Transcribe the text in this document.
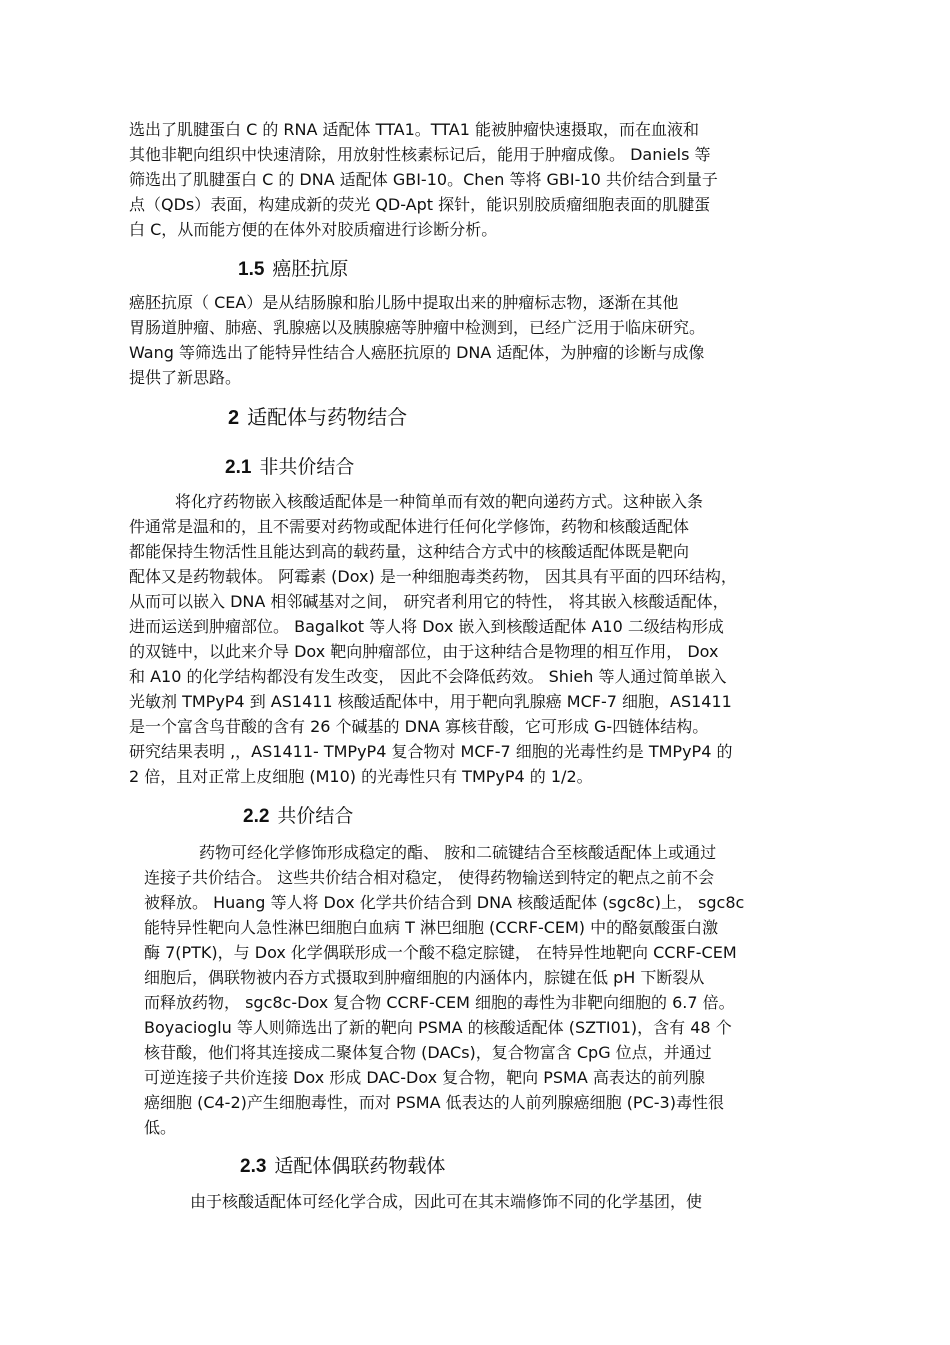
选出了肌腱蛋白 C 的 RNA 适配体 TTA1。TTA1 能被肿瘤快速摄取，而在血液和
其他非靶向组织中快速清除，用放射性核素标记后，能用于肿瘤成像。 Daniels 等
筛选出了肌腱蛋白 C 的 DNA 适配体 GBI-10。Chen 等将 GBI-10 共价结合到量子
点（QDs）表面，构建成新的荧光 QD-Apt 探针，能识别胶质瘤细胞表面的肌腱蛋
白 C，从而能方便的在体外对胶质瘤进行诊断分析。
1.5 癌胚抗原
癌胚抗原（ CEA）是从结肠腺和胎儿肠中提取出来的肿瘤标志物，逐渐在其他
胃肠道肿瘤、肺癌、乳腺癌以及胰腺癌等肿瘤中检测到，已经广泛用于临床研究。
Wang 等筛选出了能特异性结合人癌胚抗原的 DNA 适配体，为肿瘤的诊断与成像
提供了新思路。
2 适配体与药物结合
2.1 非共价结合
将化疗药物嵌入核酸适配体是一种简单而有效的靶向递药方式。这种嵌入条
件通常是温和的，且不需要对药物或配体进行任何化学修饰，药物和核酸适配体
都能保持生物活性且能达到高的载药量，这种结合方式中的核酸适配体既是靶向
配体又是药物载体。 阿霉素 (Dox) 是一种细胞毒类药物， 因其具有平面的四环结构，
从而可以嵌入 DNA 相邻碱基对之间， 研究者利用它的特性， 将其嵌入核酸适配体，
进而运送到肿瘤部位。 Bagalkot 等人将 Dox 嵌入到核酸适配体 A10 二级结构形成
的双链中，以此来介导 Dox 靶向肿瘤部位，由于这种结合是物理的相互作用， Dox
和 A10 的化学结构都没有发生改变， 因此不会降低药效。 Shieh 等人通过简单嵌入
光敏剂 TMPyP4 到 AS1411 核酸适配体中，用于靶向乳腺癌 MCF-7 细胞，AS1411
是一个富含鸟苷酸的含有 26 个碱基的 DNA 寡核苷酸，它可形成 G-四链体结构。
研究结果表明 ,，AS1411- TMPyP4 复合物对 MCF-7 细胞的光毒性约是 TMPyP4 的
2 倍，且对正常上皮细胞 (M10) 的光毒性只有 TMPyP4 的 1/2。
2.2 共价结合
药物可经化学修饰形成稳定的酯、 胺和二硫键结合至核酸适配体上或通过
连接子共价结合。 这些共价结合相对稳定， 使得药物输送到特定的靶点之前不会
被释放。 Huang 等人将 Dox 化学共价结合到 DNA 核酸适配体 (sgc8c)上， sgc8c
能特异性靶向人急性淋巴细胞白血病 T 淋巴细胞 (CCRF-CEM) 中的酪氨酸蛋白激
酶 7(PTK)，与 Dox 化学偶联形成一个酸不稳定腙键， 在特异性地靶向 CCRF-CEM
细胞后，偶联物被内吞方式摄取到肿瘤细胞的内涵体内，腙键在低 pH 下断裂从
而释放药物， sgc8c-Dox 复合物 CCRF-CEM 细胞的毒性为非靶向细胞的 6.7 倍。
Boyacioglu 等人则筛选出了新的靶向 PSMA 的核酸适配体 (SZTI01)，含有 48 个
核苷酸，他们将其连接成二聚体复合物 (DACs)，复合物富含 CpG 位点，并通过
可逆连接子共价连接 Dox 形成 DAC-Dox 复合物，靶向 PSMA 高表达的前列腺
癌细胞 (C4-2)产生细胞毒性，而对 PSMA 低表达的人前列腺癌细胞 (PC-3)毒性很
低。
2.3 适配体偶联药物载体
由于核酸适配体可经化学合成，因此可在其末端修饰不同的化学基团，使
